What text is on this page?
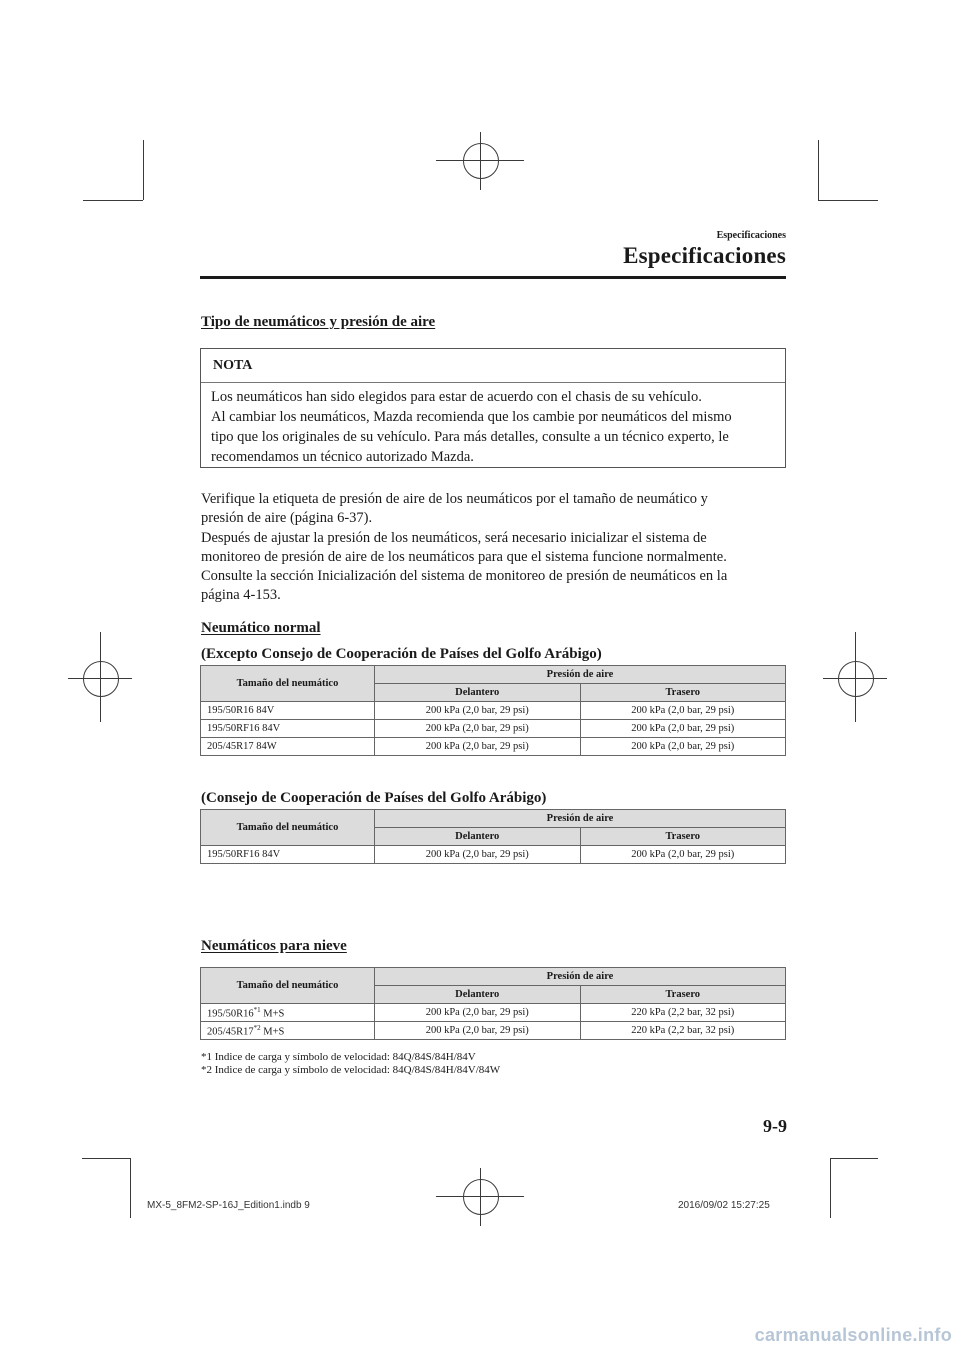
Especificaciones
Especificaciones
Tipo de neumáticos y presión de aire
NOTA
Los neumáticos han sido elegidos para estar de acuerdo con el chasis de su vehículo.
Al cambiar los neumáticos, Mazda recomienda que los cambie por neumáticos del mismo
tipo que los originales de su vehículo. Para más detalles, consulte a un técnico experto, le
recomendamos un técnico autorizado Mazda.
Verifique la etiqueta de presión de aire de los neumáticos por el tamaño de neumático y
presión de aire (página 6-37).
Después de ajustar la presión de los neumáticos, será necesario inicializar el sistema de
monitoreo de presión de aire de los neumáticos para que el sistema funcione normalmente.
Consulte la sección Inicialización del sistema de monitoreo de presión de neumáticos en la
página 4-153.
Neumático normal
(Excepto Consejo de Cooperación de Países del Golfo Arábigo)
Tamaño del neumático	Presión de aire	
	Delantero	Trasero
195/50R16 84V	200 kPa (2,0 bar, 29 psi)	200 kPa (2,0 bar, 29 psi)
195/50RF16 84V	200 kPa (2,0 bar, 29 psi)	200 kPa (2,0 bar, 29 psi)
205/45R17 84W	200 kPa (2,0 bar, 29 psi)	200 kPa (2,0 bar, 29 psi)
(Consejo de Cooperación de Países del Golfo Arábigo)
Tamaño del neumático	Presión de aire	
	Delantero	Trasero
195/50RF16 84V	200 kPa (2,0 bar, 29 psi)	200 kPa (2,0 bar, 29 psi)
Neumáticos para nieve
Tamaño del neumático	Presión de aire	
	Delantero	Trasero
195/50R16$^{*1}$ M+S	200 kPa (2,0 bar, 29 psi)	220 kPa (2,2 bar, 32 psi)
205/45R17$^{*2}$ M+S	200 kPa (2,0 bar, 29 psi)	220 kPa (2,2 bar, 32 psi)
*1 Indice de carga y símbolo de velocidad: 84Q/84S/84H/84V
*2 Indice de carga y símbolo de velocidad: 84Q/84S/84H/84V/84W
9-9
MX-5_8FM2-SP-16J_Edition1.indb 9	2016/09/02 15:27:25
carmanualsonline.info
